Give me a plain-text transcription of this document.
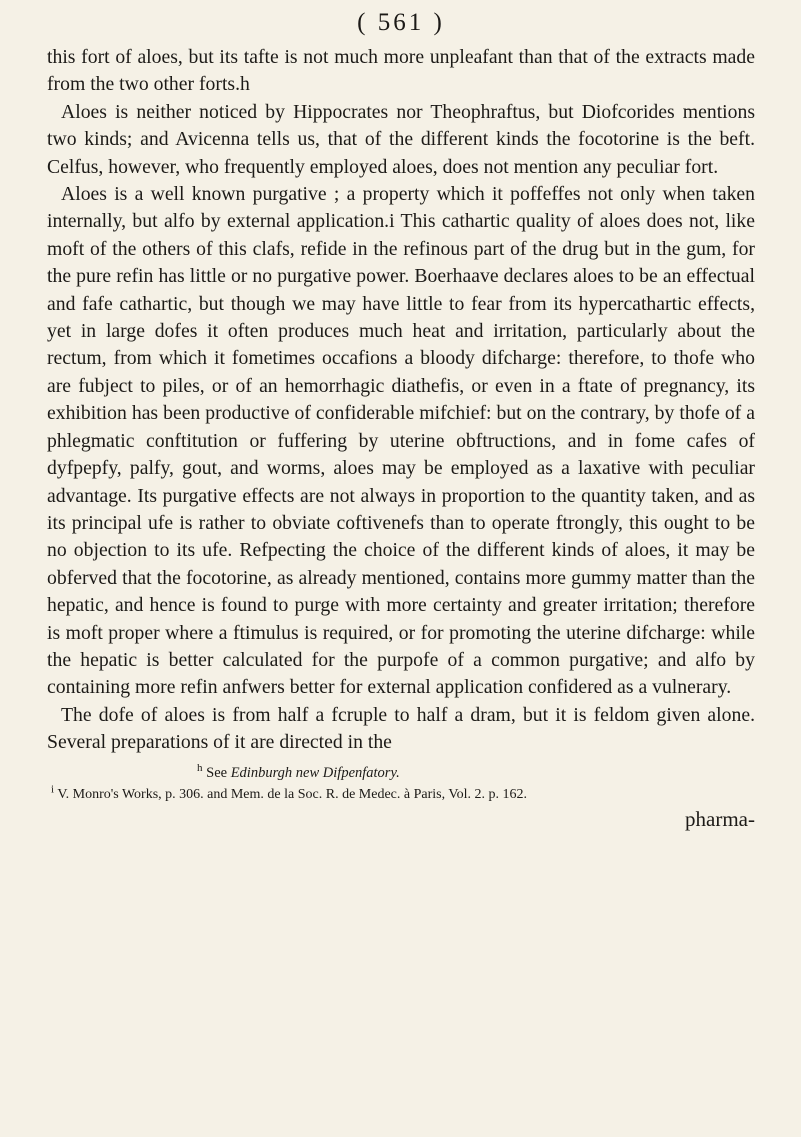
( 561 )

this fort of aloes, but its tafte is not much more unpleafant than that of the extracts made from the two other forts.h

Aloes is neither noticed by Hippocrates nor Theophraftus, but Diofcorides mentions two kinds; and Avicenna tells us, that of the different kinds the focotorine is the beft. Celfus, however, who frequently employed aloes, does not mention any peculiar fort.

Aloes is a well known purgative ; a property which it poffeffes not only when taken internally, but alfo by external application.i This cathartic quality of aloes does not, like moft of the others of this clafs, refide in the refinous part of the drug but in the gum, for the pure refin has little or no purgative power. Boerhaave declares aloes to be an effectual and fafe cathartic, but though we may have little to fear from its hypercathartic effects, yet in large dofes it often produces much heat and irritation, particularly about the rectum, from which it fometimes occafions a bloody difcharge: therefore, to thofe who are fubject to piles, or of an hemorrhagic diathefis, or even in a ftate of pregnancy, its exhibition has been productive of confiderable mifchief: but on the contrary, by thofe of a phlegmatic conftitution or fuffering by uterine obftructions, and in fome cafes of dyfpepfy, palfy, gout, and worms, aloes may be employed as a laxative with peculiar advantage. Its purgative effects are not always in proportion to the quantity taken, and as its principal ufe is rather to obviate coftivenefs than to operate ftrongly, this ought to be no objection to its ufe. Refpecting the choice of the different kinds of aloes, it may be obferved that the focotorine, as already mentioned, contains more gummy matter than the hepatic, and hence is found to purge with more certainty and greater irritation; therefore is moft proper where a ftimulus is required, or for promoting the uterine difcharge: while the hepatic is better calculated for the purpofe of a common purgative; and alfo by containing more refin anfwers better for external application confidered as a vulnerary.

The dofe of aloes is from half a fcruple to half a dram, but it is feldom given alone. Several preparations of it are directed in the

$^h$ See Edinburgh new Difpenfatory.

$^i$ V. Monro's Works, p. 306. and Mem. de la Soc. R. de Medec. à Paris, Vol. 2. p. 162.

pharma-
